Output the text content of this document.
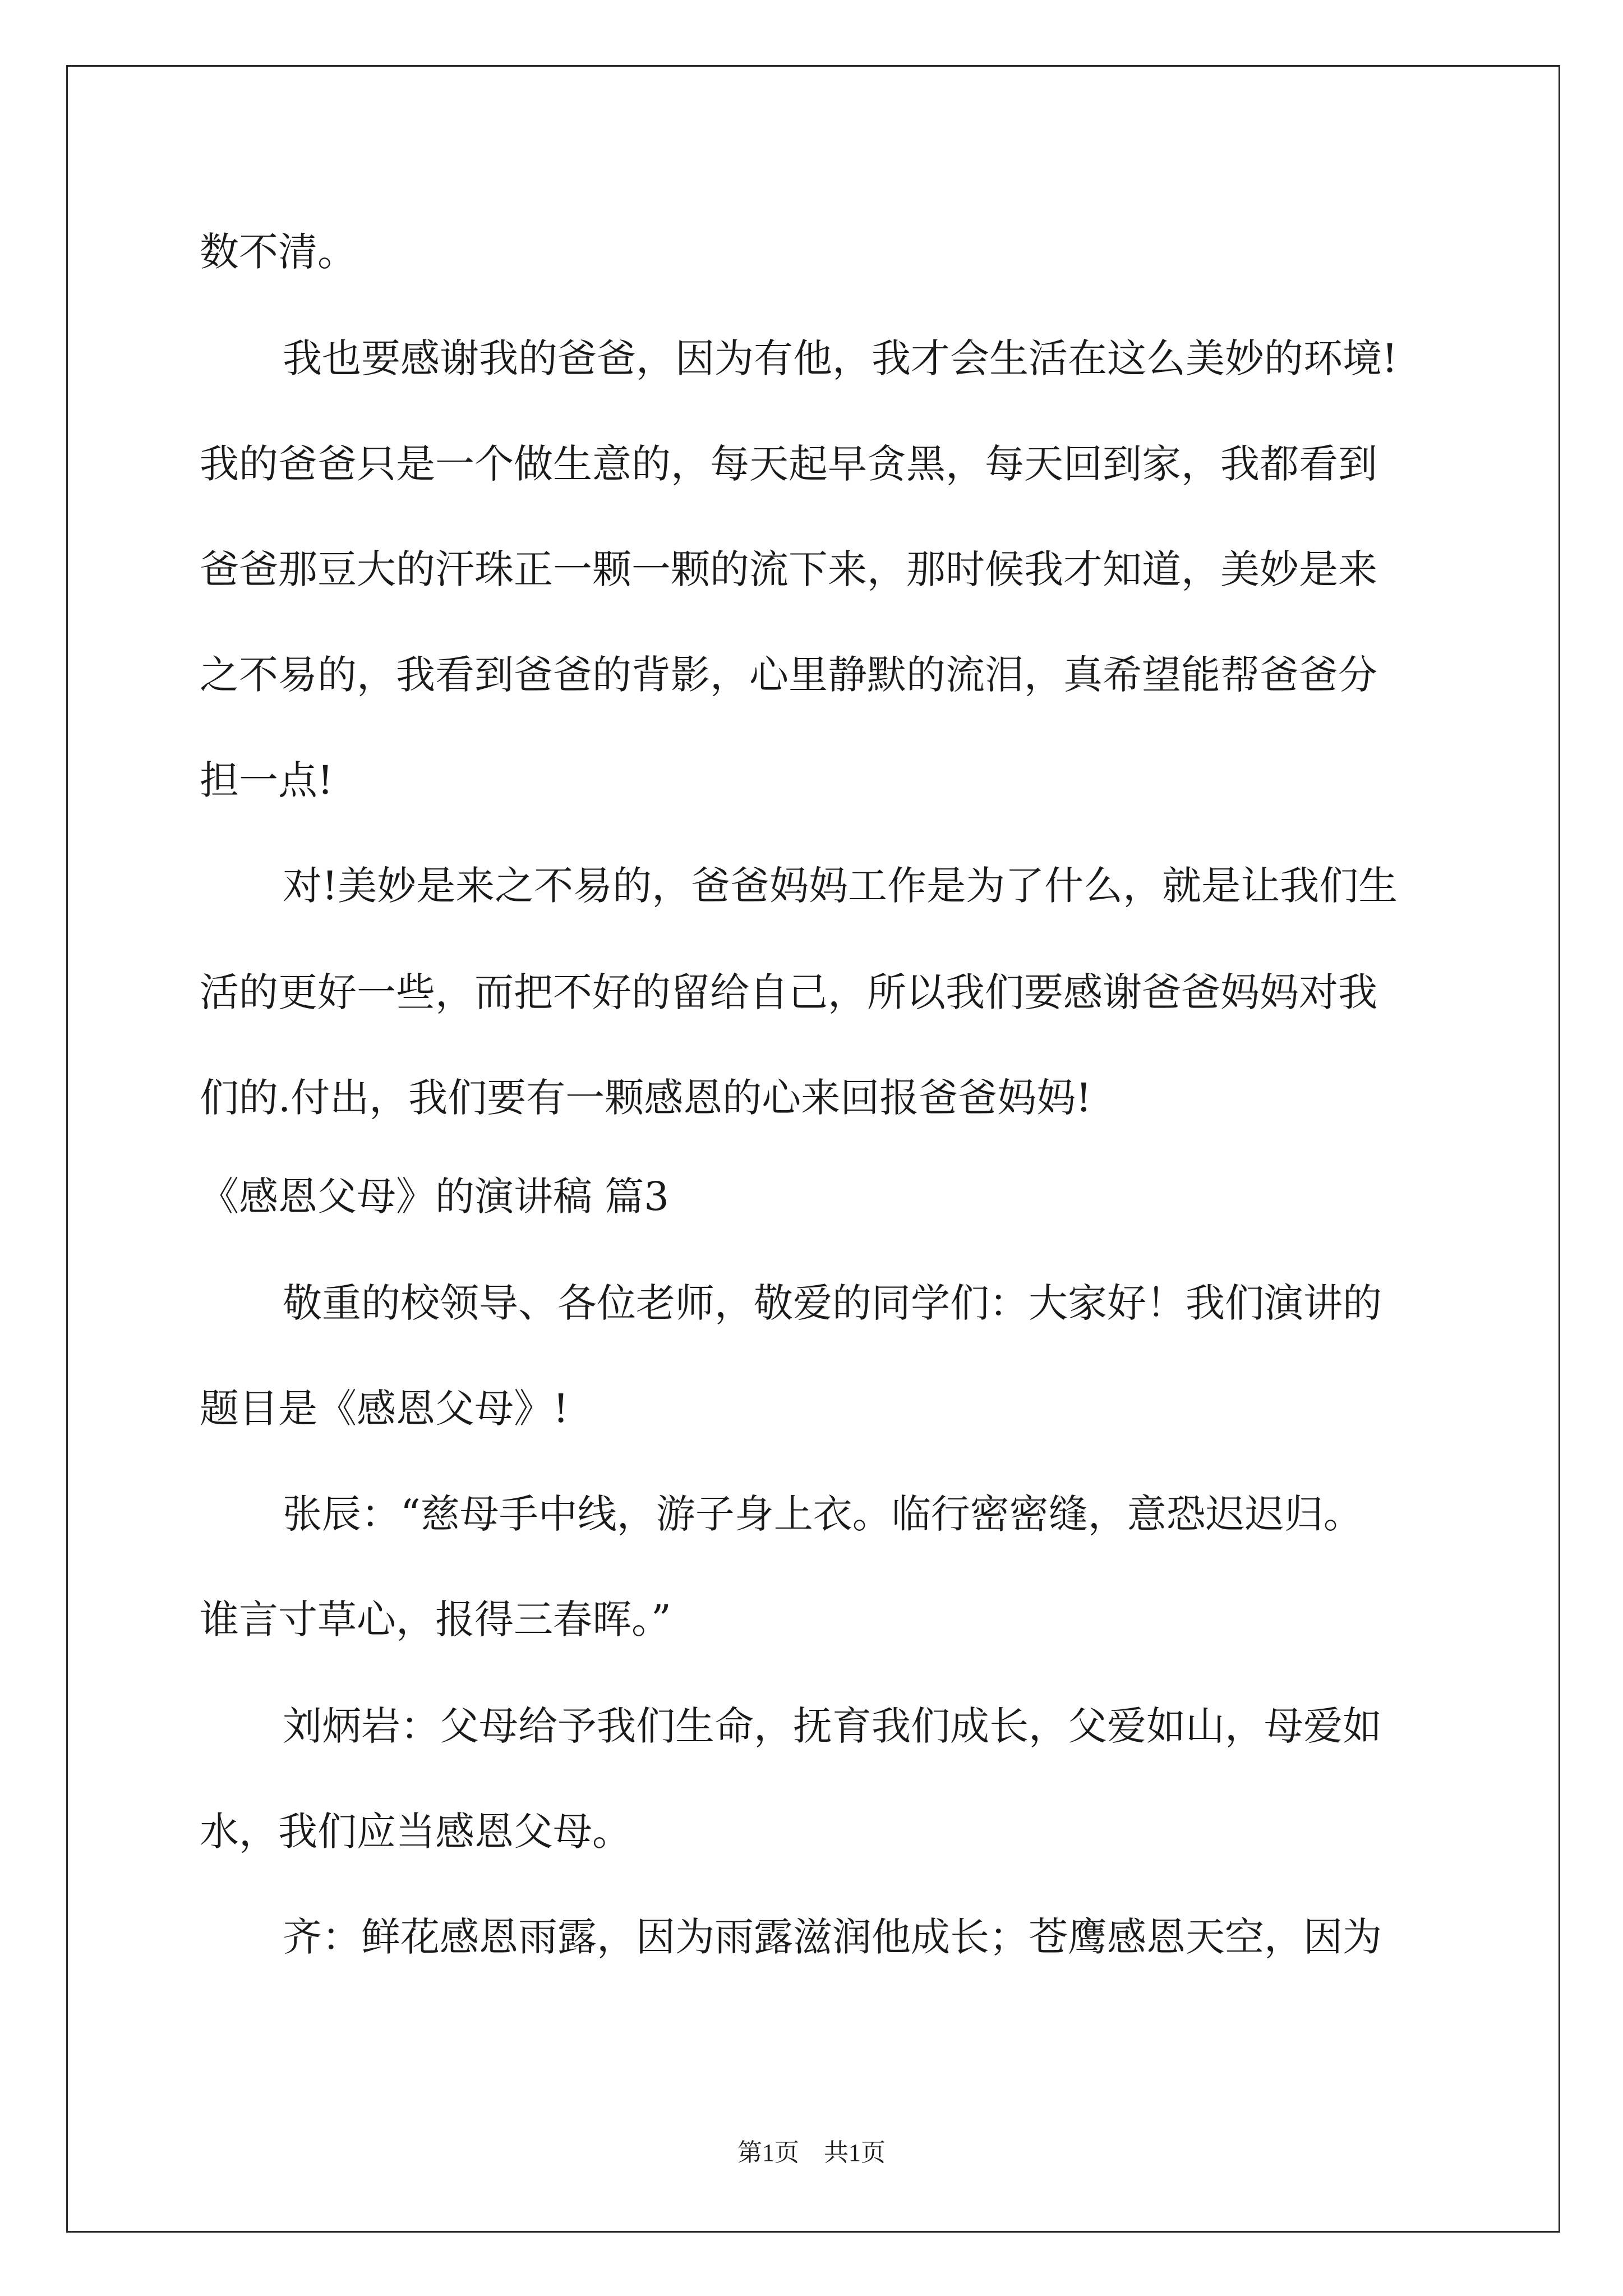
数不清。
我也要感谢我的爸爸，因为有他，我才会生活在这么美妙的环境!
我的爸爸只是一个做生意的，每天起早贪黑，每天回到家，我都看到
爸爸那豆大的汗珠正一颗一颗的流下来，那时候我才知道，美妙是来
之不易的，我看到爸爸的背影，心里静默的流泪，真希望能帮爸爸分
担一点!
对!美妙是来之不易的，爸爸妈妈工作是为了什么，就是让我们生
活的更好一些，而把不好的留给自己，所以我们要感谢爸爸妈妈对我
们的.付出，我们要有一颗感恩的心来回报爸爸妈妈!
《感恩父母》的演讲稿 篇3
敬重的校领导、各位老师，敬爱的同学们：大家好！我们演讲的
题目是《感恩父母》!
张辰：“慈母手中线，游子身上衣。临行密密缝，意恐迟迟归。
谁言寸草心，报得三春晖。”
刘炳岩：父母给予我们生命，抚育我们成长，父爱如山，母爱如
水，我们应当感恩父母。
齐：鲜花感恩雨露，因为雨露滋润他成长；苍鹰感恩天空，因为
第1页 共1页
